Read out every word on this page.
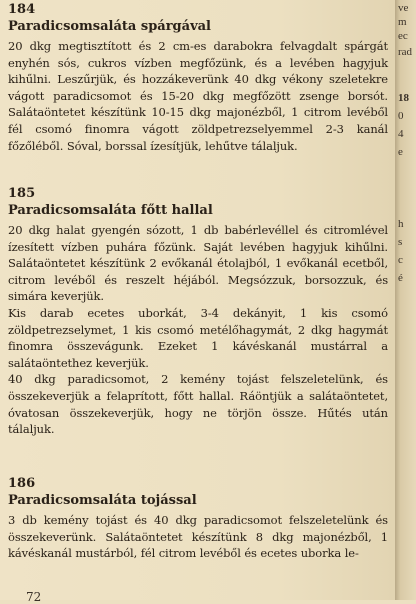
184
Paradicsomsaláta spárgával

20 dkg megtisztított és 2 cm-es darabokra felvagdalt spárgát enyhén sós, cukros vízben megfőzünk, és a levében hagyjuk kihűlni. Leszűrjük, és hozzákeverünk 40 dkg vékony szeletekre vágott paradicsomot és 15-20 dkg megfőzött zsenge borsót. Salátaöntetet készítünk 10-15 dkg majonézből, 1 citrom levéből fél csomó finomra vágott zöldpetrezselyemmel 2-3 kanál főzőléből. Sóval, borssal ízesítjük, lehűtve tálaljuk.

185
Paradicsomsaláta főtt hallal

20 dkg halat gyengén sózott, 1 db babérlevéllel és citromlével ízesített vízben puhára főzünk. Saját levében hagyjuk kihűlni. Salátaöntetet készítünk 2 evőkanál étolajból, 1 evőkanál ecetből, citrom levéből és reszelt héjából. Megsózzuk, borsozzuk, és simára keverjük.

Kis darab ecetes uborkát, 3-4 dekányit, 1 kis csomó zöldpetrezselymet, 1 kis csomó metélőhagymát, 2 dkg hagymát finomra összevágunk. Ezeket 1 kávéskanál mustárral a salátaöntethez keverjük.

40 dkg paradicsomot, 2 kemény tojást felszeletelünk, és összekeverjük a felaprított, főtt hallal. Ráöntjük a salátaöntetet, óvatosan összekeverjük, hogy ne törjön össze. Hűtés után tálaljuk.

186
Paradicsomsaláta tojással

3 db kemény tojást és 40 dkg paradicsomot felszeletelünk és összekeverünk. Salátaöntetet készítünk 8 dkg majonézből, 1 kávéskanál mustárból, fél citrom levéből és ecetes uborka le-

72
ve
m
ec
rad
18
0
4
e
h
s
c
é
